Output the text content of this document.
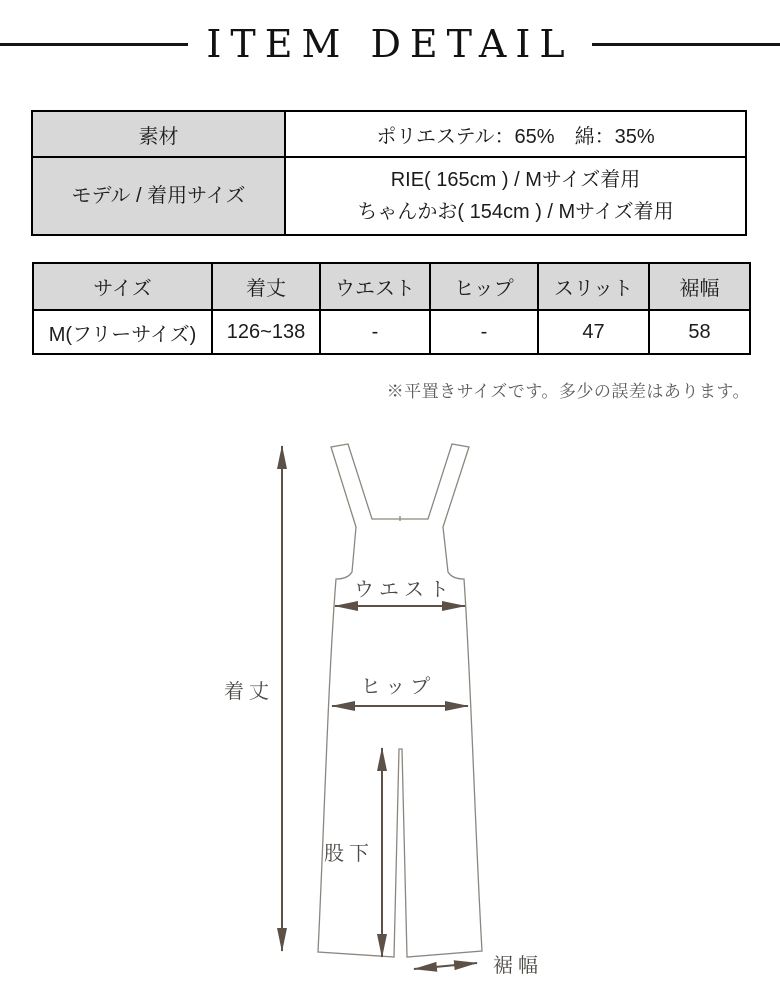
ITEM DETAIL
素材	ポリエステル：65%　綿：35%
モデル / 着用サイズ	RIE( 165cm ) / Mサイズ着用
ちゃんかお( 154cm ) / Mサイズ着用
サイズ	着丈	ウエスト	ヒップ	スリット	裾幅
M(フリーサイズ)	126~138	-	-	47	58
※平置きサイズです。多少の誤差はあります。
着丈
ウエスト
ヒップ
股下
裾幅
